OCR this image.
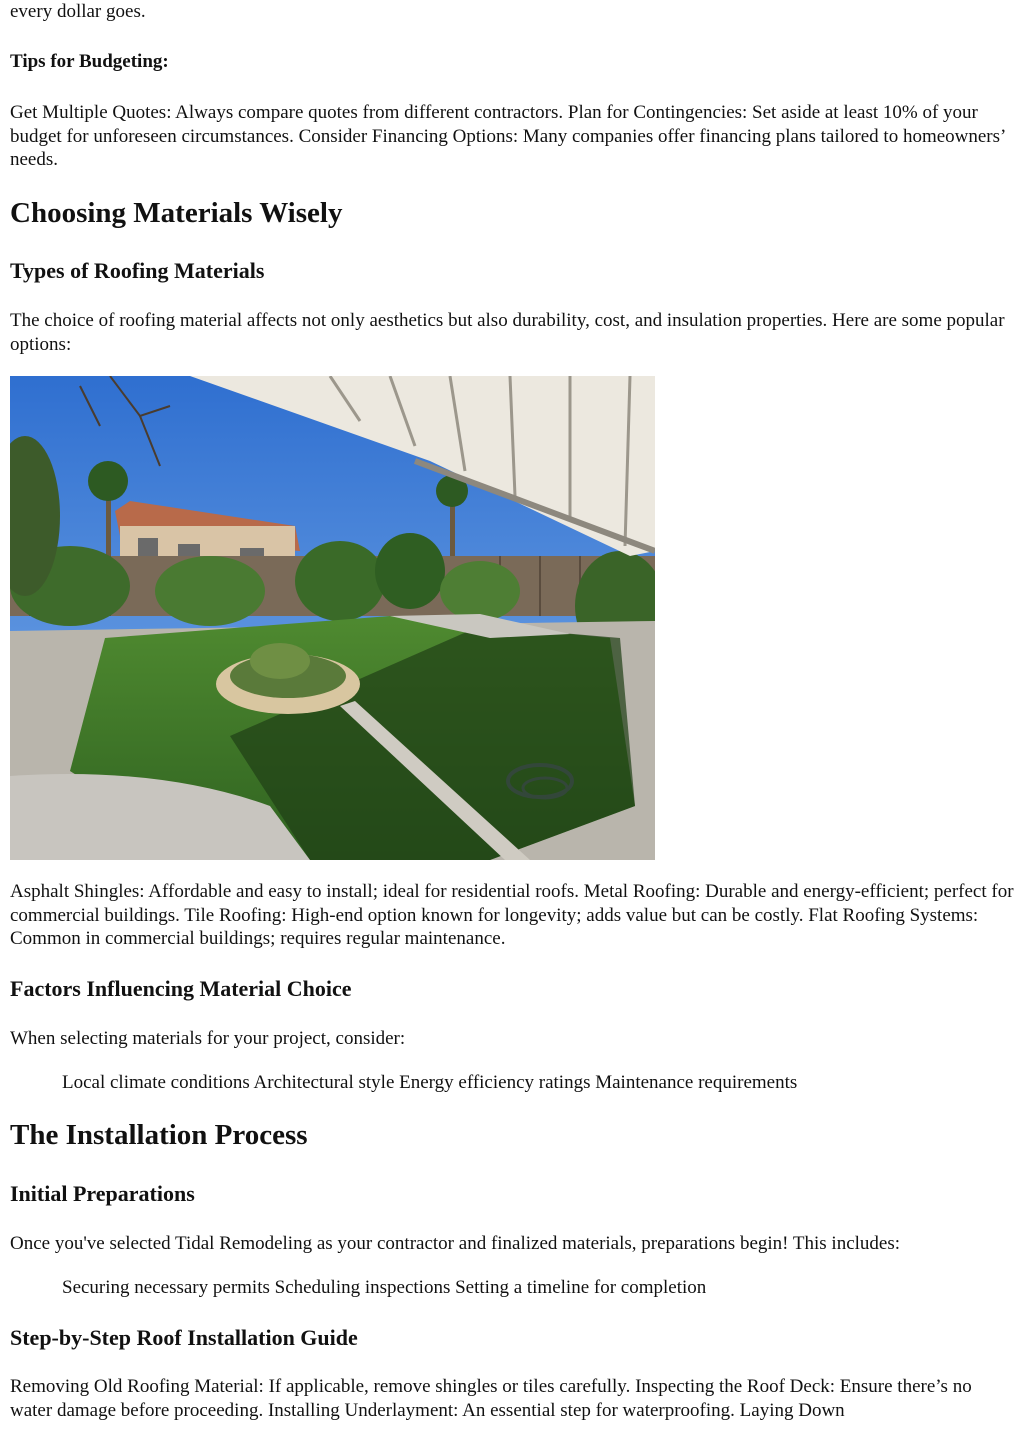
every dollar goes.

Tips for Budgeting:

Get Multiple Quotes: Always compare quotes from different contractors. Plan for Contingencies: Set aside at least 10% of your budget for unforeseen circumstances. Consider Financing Options: Many companies offer financing plans tailored to homeowners’ needs.

Choosing Materials Wisely
Types of Roofing Materials

The choice of roofing material affects not only aesthetics but also durability, cost, and insulation properties. Here are some popular options:

Asphalt Shingles: Affordable and easy to install; ideal for residential roofs. Metal Roofing: Durable and energy-efficient; perfect for commercial buildings. Tile Roofing: High-end option known for longevity; adds value but can be costly. Flat Roofing Systems: Common in commercial buildings; requires regular maintenance.

Factors Influencing Material Choice

When selecting materials for your project, consider:

Local climate conditions Architectural style Energy efficiency ratings Maintenance requirements

The Installation Process
Initial Preparations

Once you've selected Tidal Remodeling as your contractor and finalized materials, preparations begin! This includes:

Securing necessary permits Scheduling inspections Setting a timeline for completion

Step-by-Step Roof Installation Guide

Removing Old Roofing Material: If applicable, remove shingles or tiles carefully. Inspecting the Roof Deck: Ensure there’s no water damage before proceeding. Installing Underlayment: An essential step for waterproofing. Laying Down
